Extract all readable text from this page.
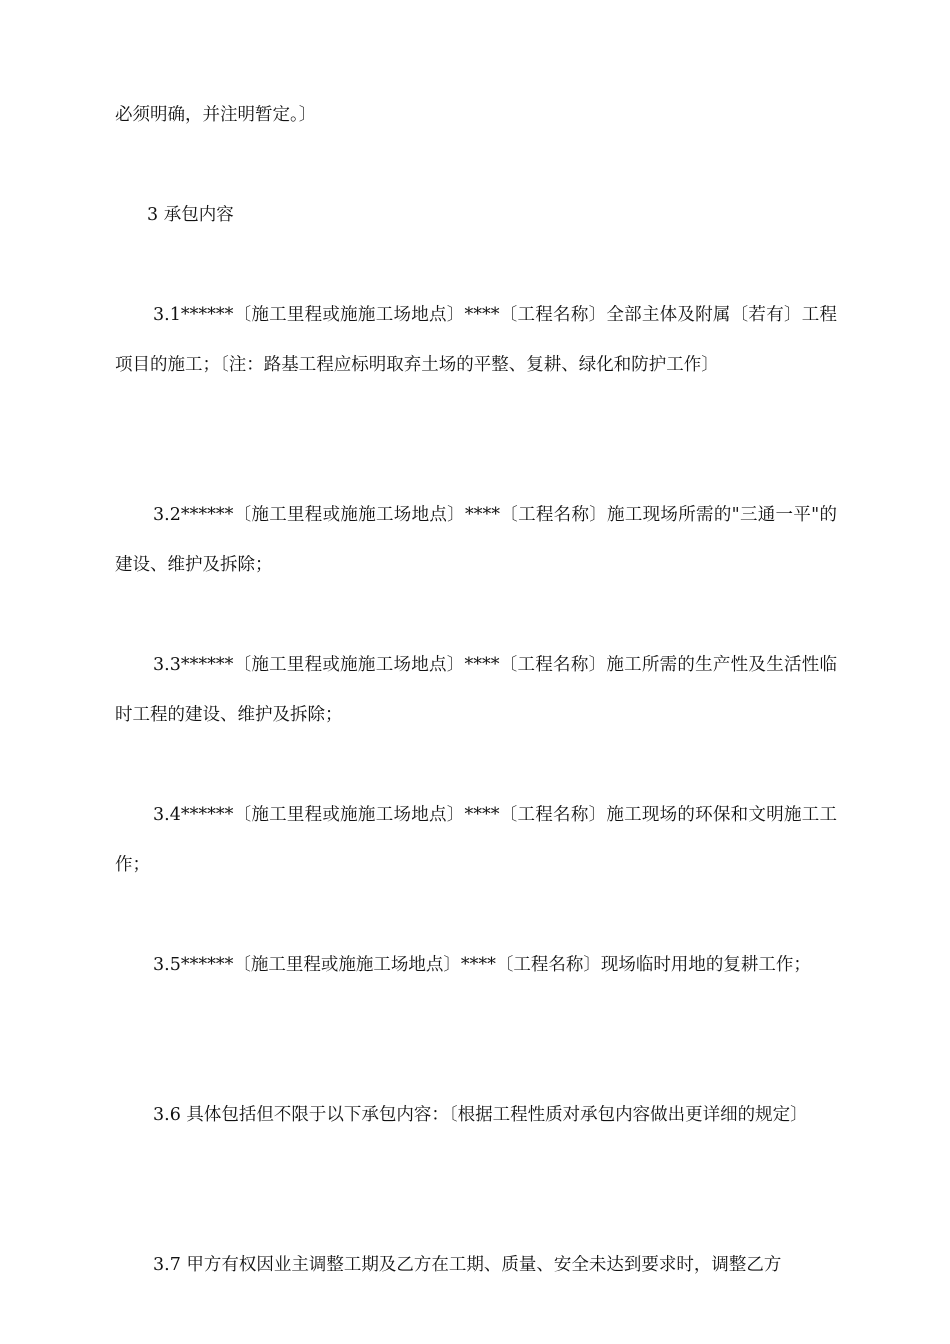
必须明确，并注明暂定。〕

3 承包内容

3.1******〔施工里程或施施工场地点〕****〔工程名称〕全部主体及附属〔若有〕工程项目的施工；〔注：路基工程应标明取弃土场的平整、复耕、绿化和防护工作〕

3.2******〔施工里程或施施工场地点〕****〔工程名称〕施工现场所需的"三通一平"的建设、维护及拆除；

3.3******〔施工里程或施施工场地点〕****〔工程名称〕施工所需的生产性及生活性临时工程的建设、维护及拆除；

3.4******〔施工里程或施施工场地点〕****〔工程名称〕施工现场的环保和文明施工工作；

3.5******〔施工里程或施施工场地点〕****〔工程名称〕现场临时用地的复耕工作；

3.6 具体包括但不限于以下承包内容：〔根据工程性质对承包内容做出更详细的规定〕

3.7 甲方有权因业主调整工期及乙方在工期、质量、安全未达到要求时，调整乙方
